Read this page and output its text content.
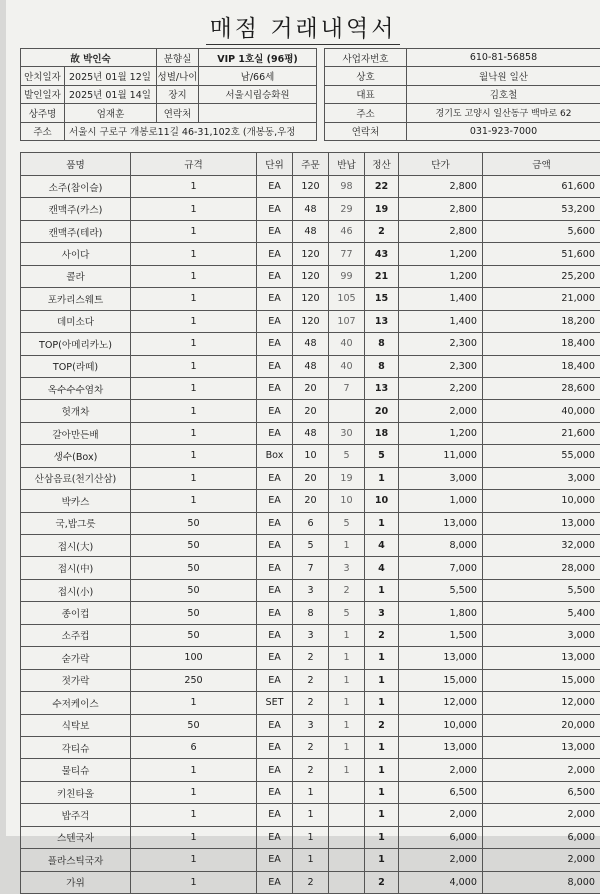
매점 거래내역서
故 박인숙		분향실	VIP 1호실 (96평)
안치일자	2025년 01월 12일	성별/나이	남/66세
발인일자	2025년 01월 14일	장지	서울시립승화원
상주명	엄재훈	연락처	
주소	서울시 구로구 개봉로11길 46-31,102호 (개봉동,우정		
사업자번호	610-81-56858
상호	월낙원 일산
대표	김호철
주소	경기도 고양시 일산동구 백마로 62
연락처	031-923-7000
품명	규격	단위	주문	반납	정산	단가	금액
소주(참이슬)	1	EA	120	98	22	2,800	61,600
캔맥주(카스)	1	EA	48	29	19	2,800	53,200
캔맥주(테라)	1	EA	48	46	2	2,800	5,600
사이다	1	EA	120	77	43	1,200	51,600
콜라	1	EA	120	99	21	1,200	25,200
포카리스웨트	1	EA	120	105	15	1,400	21,000
데미소다	1	EA	120	107	13	1,400	18,200
TOP(아메리카노)	1	EA	48	40	8	2,300	18,400
TOP(라떼)	1	EA	48	40	8	2,300	18,400
옥수수수염차	1	EA	20	7	13	2,200	28,600
헛개차	1	EA	20		20	2,000	40,000
갈아만든배	1	EA	48	30	18	1,200	21,600
생수(Box)	1	Box	10	5	5	11,000	55,000
산삼음료(천기산삼)	1	EA	20	19	1	3,000	3,000
박카스	1	EA	20	10	10	1,000	10,000
국,밥그릇	50	EA	6	5	1	13,000	13,000
접시(大)	50	EA	5	1	4	8,000	32,000
접시(中)	50	EA	7	3	4	7,000	28,000
접시(小)	50	EA	3	2	1	5,500	5,500
종이컵	50	EA	8	5	3	1,800	5,400
소주컵	50	EA	3	1	2	1,500	3,000
숟가락	100	EA	2	1	1	13,000	13,000
젓가락	250	EA	2	1	1	15,000	15,000
수저케이스	1	SET	2	1	1	12,000	12,000
식탁보	50	EA	3	1	2	10,000	20,000
각티슈	6	EA	2	1	1	13,000	13,000
물티슈	1	EA	2	1	1	2,000	2,000
키친타올	1	EA	1		1	6,500	6,500
밥주걱	1	EA	1		1	2,000	2,000
스텐국자	1	EA	1		1	6,000	6,000
플라스틱국자	1	EA	1		1	2,000	2,000
가위	1	EA	2		2	4,000	8,000
